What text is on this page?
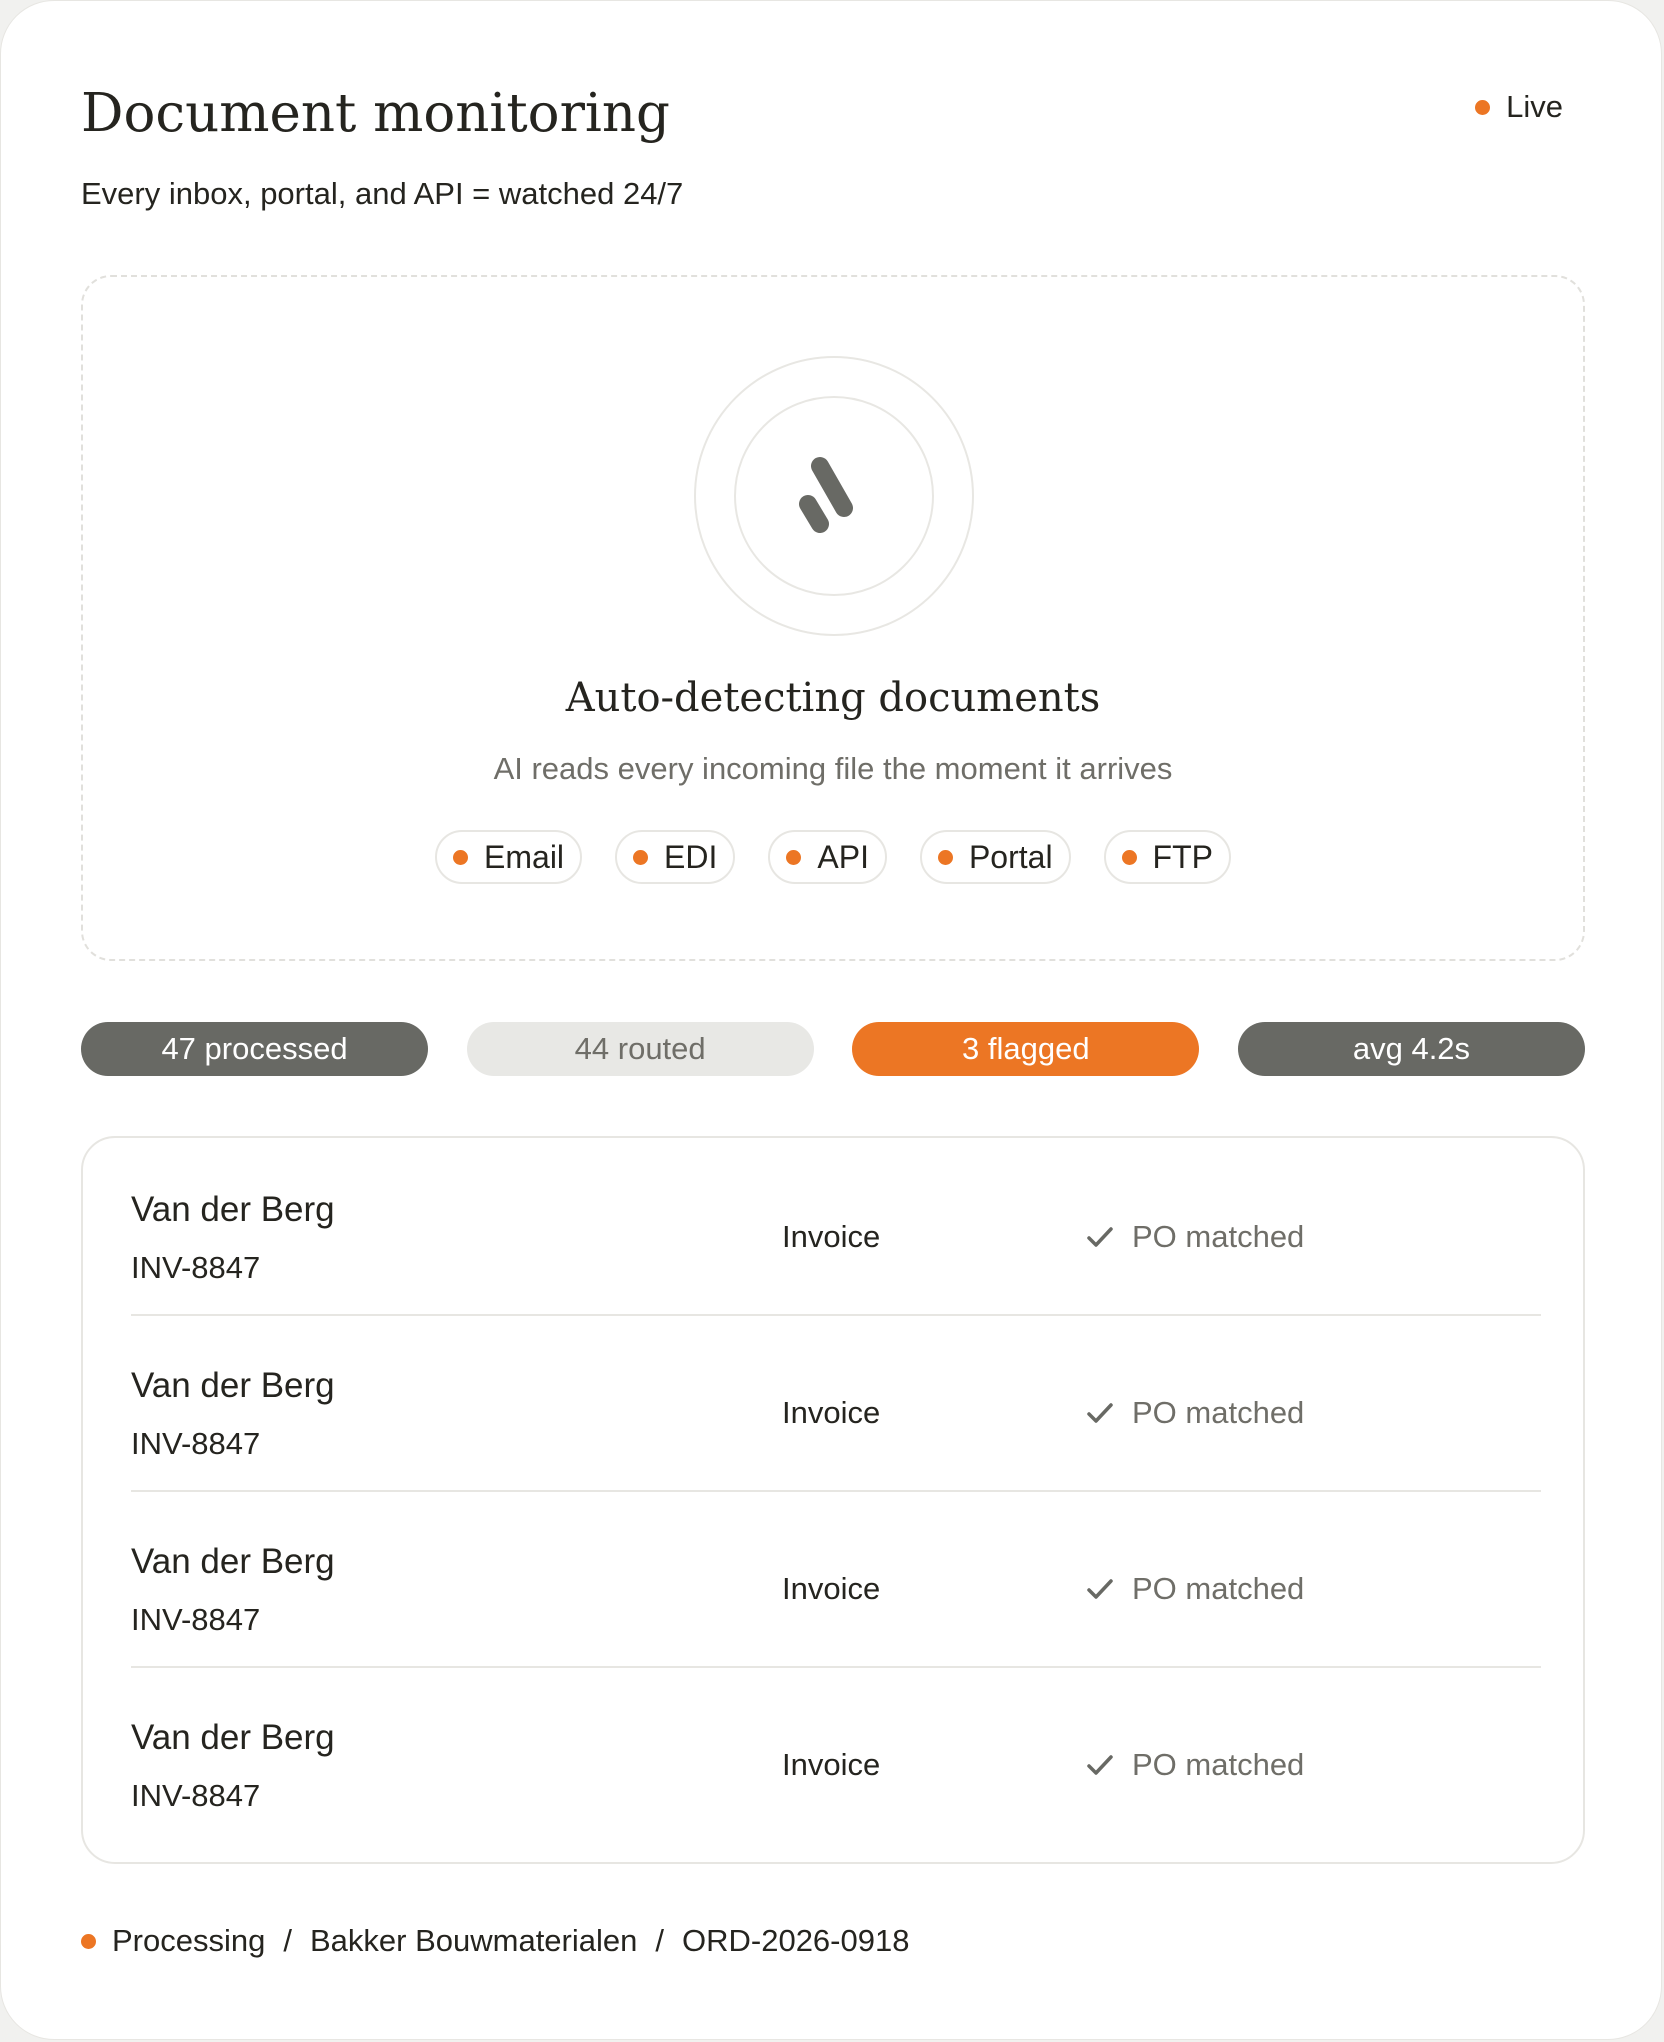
Document monitoring
Every inbox, portal, and API = watched 24/7
Live
Auto-detecting documents
AI reads every incoming file the moment it arrives
Email	EDI	API	Portal	FTP
47 processed	44 routed	3 flagged	avg 4.2s
Van der Berg
INV-8847
Invoice	PO matched
Van der Berg
INV-8847
Invoice	PO matched
Van der Berg
INV-8847
Invoice	PO matched
Van der Berg
INV-8847
Invoice	PO matched
Processing / Bakker Bouwmaterialen / ORD-2026-0918
